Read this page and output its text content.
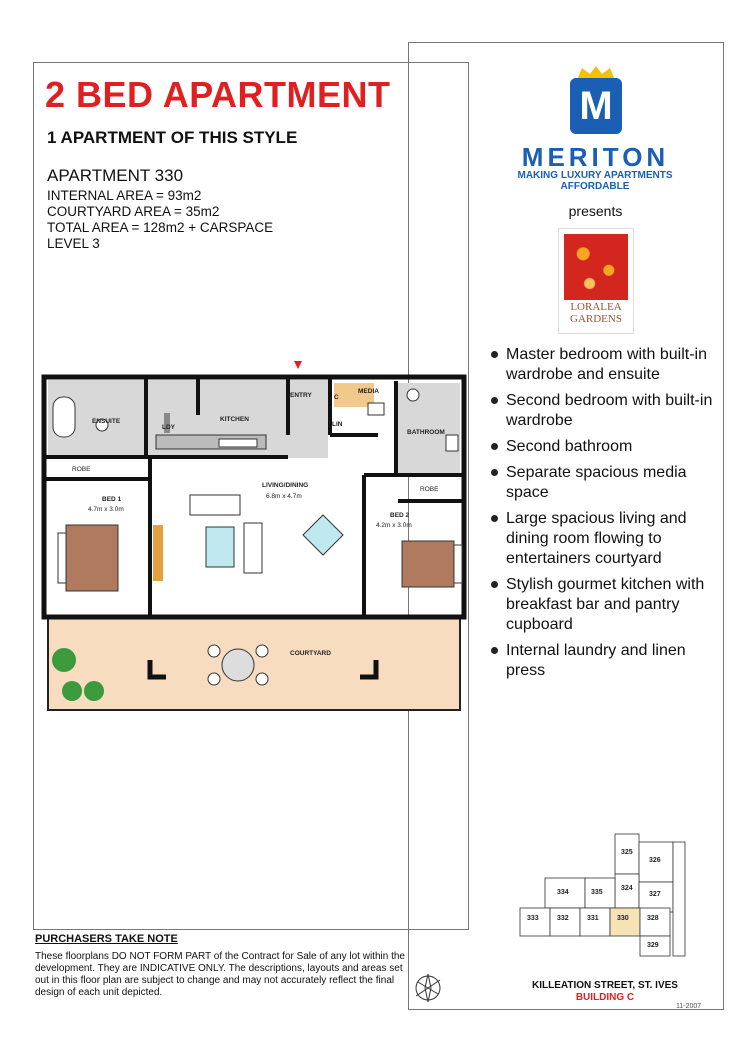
2 BED APARTMENT
1 APARTMENT OF THIS STYLE
APARTMENT 330
INTERNAL AREA = 93m2
COURTYARD AREA = 35m2
TOTAL AREA = 128m2 + CARSPACE
LEVEL 3
ENSUITE
LDY
KITCHEN
ENTRY
MEDIA
C
LIN
BATHROOM
ROBE
ROBE
LIVING/DINING
6.8m x 4.7m
BED 1
4.7m x 3.0m
BED 2
4.2m x 3.0m
COURTYARD
PURCHASERS TAKE NOTE
These floorplans DO NOT FORM PART of the Contract for Sale of any lot within the development. They are INDICATIVE ONLY. The descriptions, layouts and areas set out in this floor plan are subject to change and may not accurately reflect the final design of each unit depicted.
M
MERITON
MAKING LUXURY APARTMENTS
AFFORDABLE
presents
LORALEA
GARDENS
Master bedroom with built-in wardrobe and ensuite
Second bedroom with built-in wardrobe
Second bathroom
Separate spacious media space
Large spacious living and dining room flowing to entertainers courtyard
Stylish gourmet kitchen with breakfast bar and pantry cupboard
Internal laundry and linen press
325
326
324
327
334	335
333	332	331	330	328
329
KILLEATION STREET, ST. IVES
BUILDING C
11-2007
